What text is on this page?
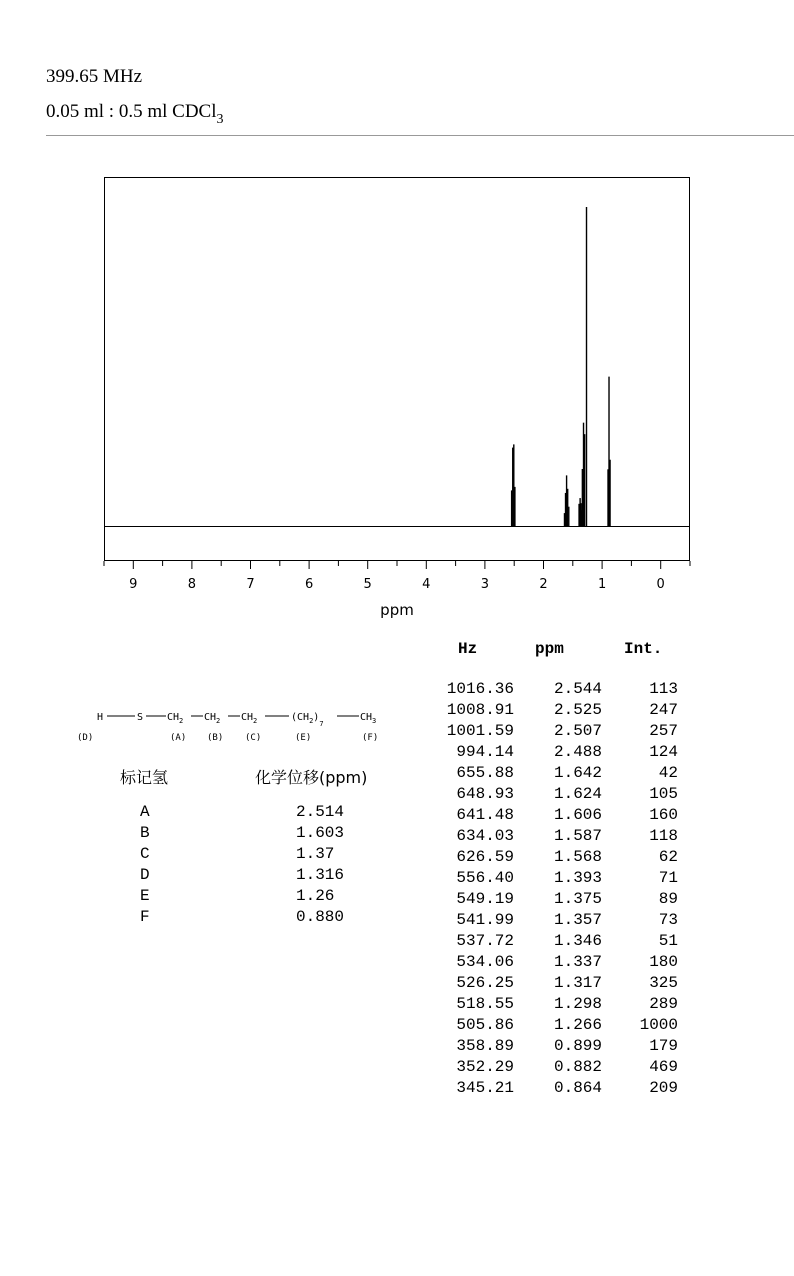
399.65 MHz
0.05 ml : 0.5 ml CDCl$_3$
9	8	7	6	5	4	3	2	1	0
ppm
H	S $CH_2$ $CH_2$ $CH_2$	$(CH_2)_7$
$CH_3$
(D)	(A) (B) (C)	(E)	(F)
标记氢	化学位移(ppm)
A	2.514
B	1.603
C	1.37
D	1.316
E	1.26
F	0.880
Hz	ppm	Int.
1016.36 2.544	113
1008.91 2.525	247
1001.59 2.507	257
994.14 2.488	124
655.88 1.642	42
648.93 1.624	105
641.48 1.606	160
634.03 1.587	118
626.59 1.568	62
556.40 1.393	71
549.19 1.375	89
541.99 1.357	73
537.72 1.346	51
534.06 1.337	180
526.25 1.317	325
518.55 1.298	289
505.86 1.266 1000
358.89 0.899	179
352.29 0.882	469
345.21 0.864	209
